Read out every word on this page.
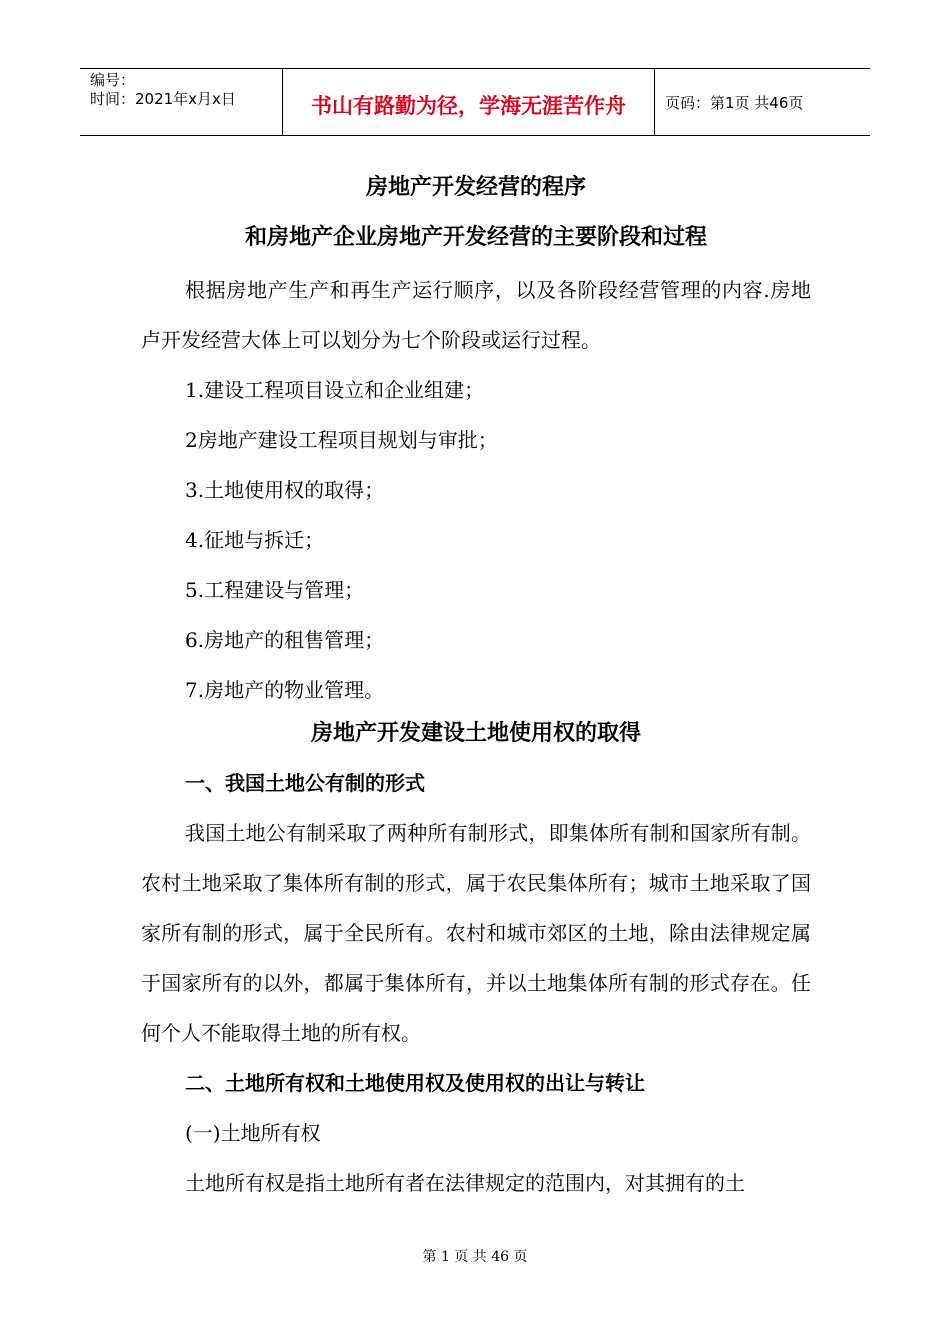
编号：
时间：2021年x月x日	书山有路勤为径，学海无涯苦作舟	页码：第1页 共46页
房地产开发经营的程序
和房地产企业房地产开发经营的主要阶段和过程

根据房地产生产和再生产运行顺序，以及各阶段经营管理的内容.房地卢开发经营大体上可以划分为七个阶段或运行过程。

1.建设工程项目设立和企业组建；

2房地产建设工程项目规划与审批；

3.土地使用权的取得；

4.征地与拆迁；

5.工程建设与管理；

6.房地产的租售管理；

7.房地产的物业管理。

房地产开发建设土地使用权的取得

一、我国土地公有制的形式

我国土地公有制采取了两种所有制形式，即集体所有制和国家所有制。农村土地采取了集体所有制的形式，属于农民集体所有；城市土地采取了国家所有制的形式，属于全民所有。农村和城市郊区的土地，除由法律规定属于国家所有的以外，都属于集体所有，并以土地集体所有制的形式存在。任何个人不能取得土地的所有权。

二、土地所有权和土地使用权及使用权的出让与转让

(一)土地所有权

土地所有权是指土地所有者在法律规定的范围内，对其拥有的土

第 1 页 共 46 页
